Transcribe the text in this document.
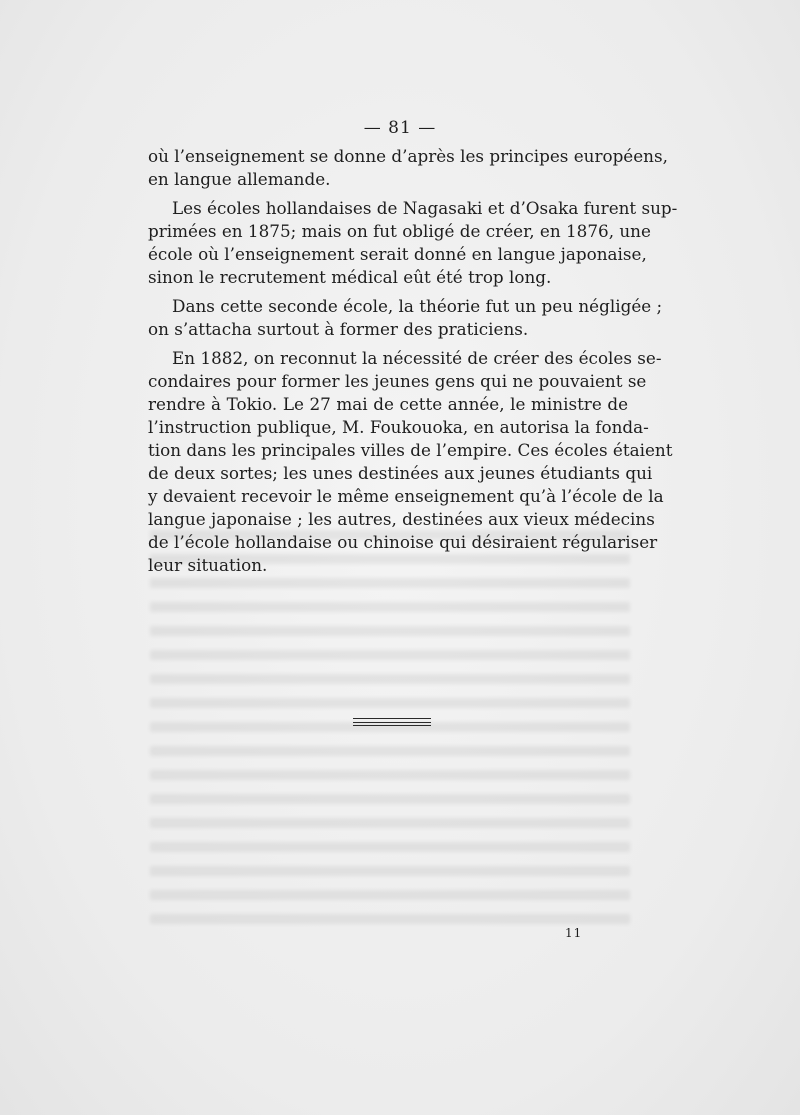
— 81 —
où l’enseignement se donne d’après les principes européens,
en langue allemande.
Les écoles hollandaises de Nagasaki et d’Osaka furent sup-
primées en 1875; mais on fut obligé de créer, en 1876, une
école où l’enseignement serait donné en langue japonaise,
sinon le recrutement médical eût été trop long.
Dans cette seconde école, la théorie fut un peu négligée ;
on s’attacha surtout à former des praticiens.
En 1882, on reconnut la nécessité de créer des écoles se-
condaires pour former les jeunes gens qui ne pouvaient se
rendre à Tokio. Le 27 mai de cette année, le ministre de
l’instruction publique, M. Foukouoka, en autorisa la fonda-
tion dans les principales villes de l’empire. Ces écoles étaient
de deux sortes; les unes destinées aux jeunes étudiants qui
y devaient recevoir le même enseignement qu’à l’école de la
langue japonaise ; les autres, destinées aux vieux médecins
de l’école hollandaise ou chinoise qui désiraient régulariser
leur situation.
11
